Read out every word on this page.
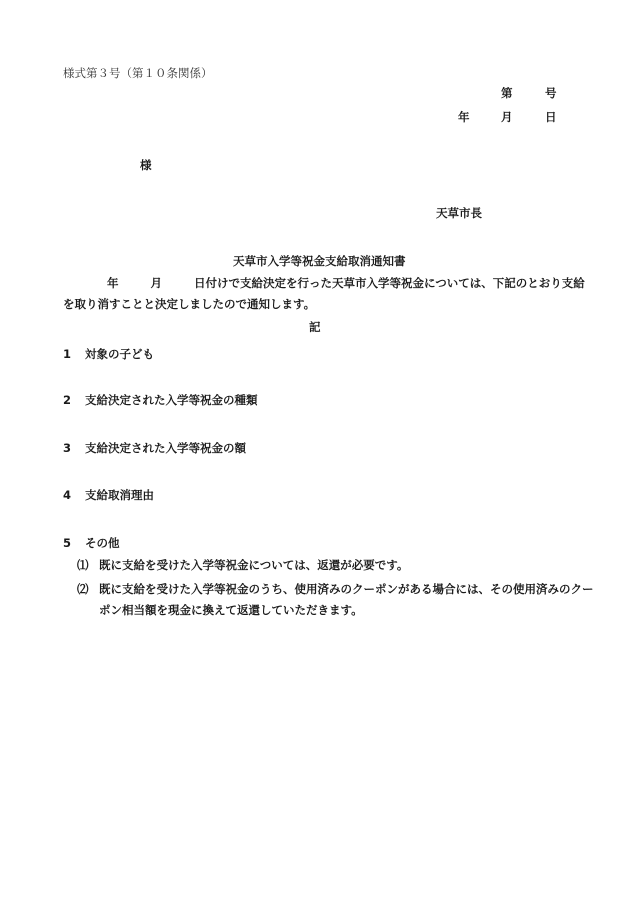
様式第３号（第１０条関係）
第	号
年	月	日
様
天草市長
天草市入学等祝金支給取消通知書
年	月	日付けで支給決定を行った天草市入学等祝金については、下記のとおり支給
を取り消すことと決定しましたので通知します。
記
1 対象の子ども
2 支給決定された入学等祝金の種類
3 支給決定された入学等祝金の額
4 支給取消理由
5 その他
⑴ 既に支給を受けた入学等祝金については、返還が必要です。
⑵ 既に支給を受けた入学等祝金のうち、使用済みのクーポンがある場合には、その使用済みのクー
ポン相当額を現金に換えて返還していただきます。
